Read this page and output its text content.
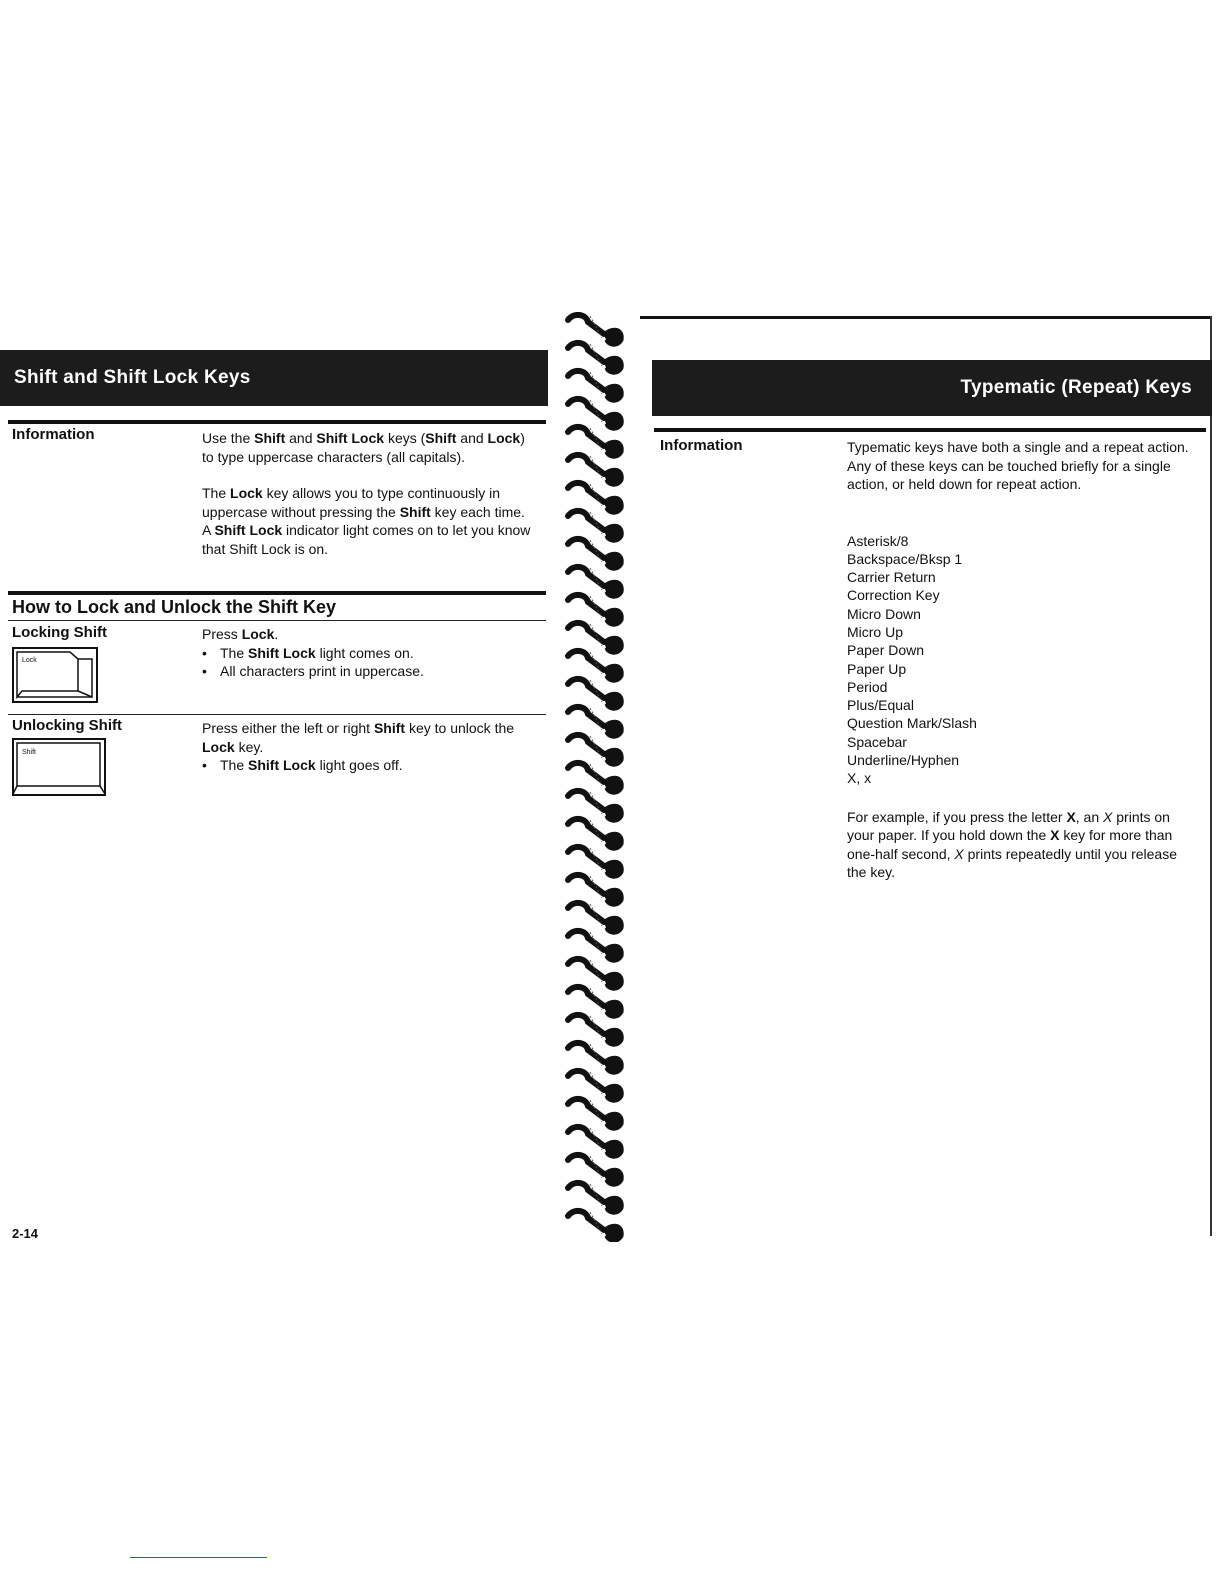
Shift and Shift Lock Keys
Information	Use the Shift and Shift Lock keys (Shift and Lock) to type uppercase characters (all capitals).

The Lock key allows you to type continuously in uppercase without pressing the Shift key each time. A Shift Lock indicator light comes on to let you know that Shift Lock is on.

How to Lock and Unlock the Shift Key
Locking Shift
Lock

Press Lock.

• The Shift Lock light comes on.
• All characters print in uppercase.
Unlocking Shift
Shift

Press either the left or right Shift key to unlock the Lock key.

• The Shift Lock light goes off.
2-14
Typematic (Repeat) Keys
Information	Typematic keys have both a single and a repeat action. Any of these keys can be touched briefly for a single action, or held down for repeat action.

Asterisk/8
Backspace/Bksp 1
Carrier Return
Correction Key
Micro Down
Micro Up
Paper Down
Paper Up
Period
Plus/Equal
Question Mark/Slash
Spacebar
Underline/Hyphen
X, x

For example, if you press the letter X, an X prints on your paper. If you hold down the X key for more than one-half second, X prints repeatedly until you release the key.
